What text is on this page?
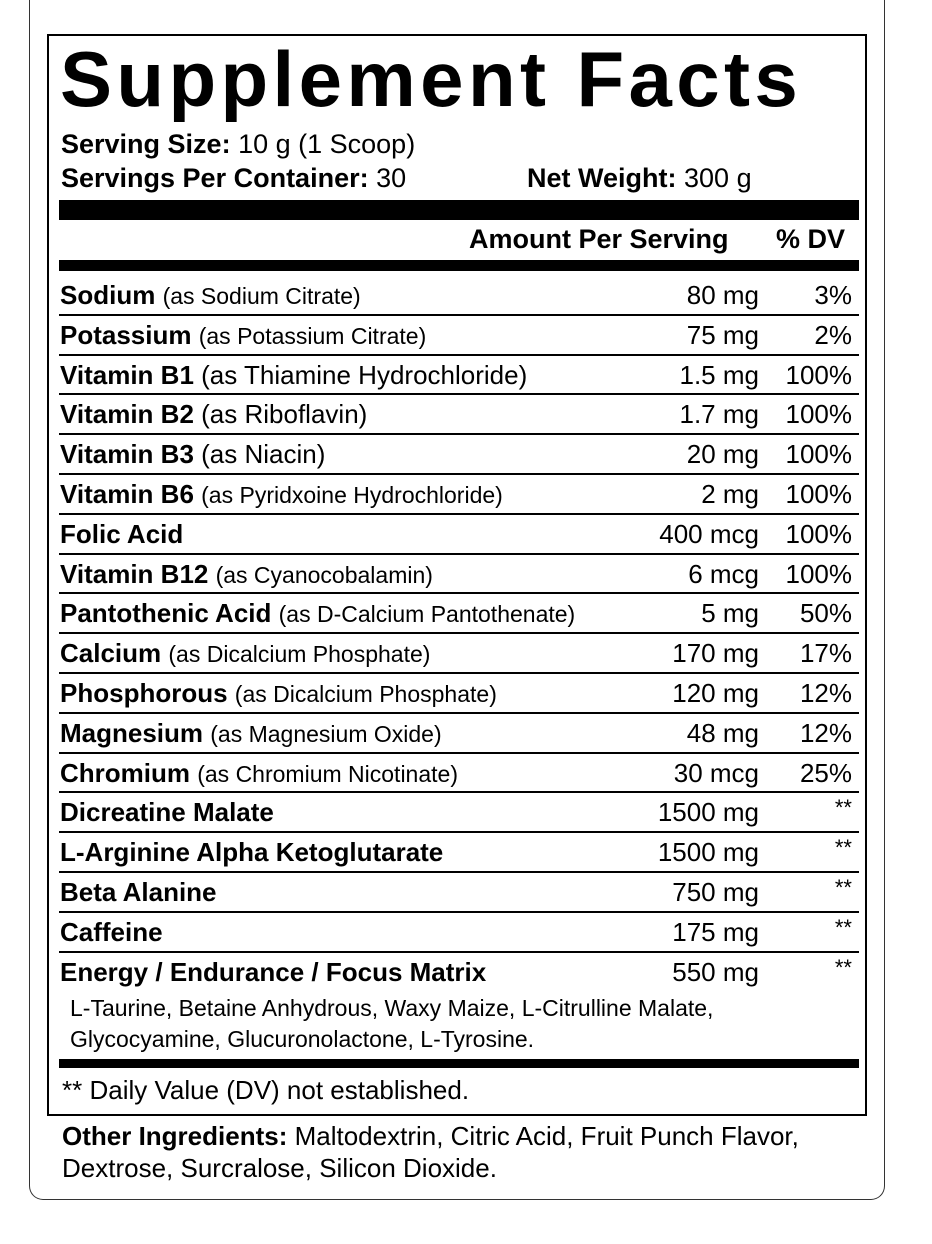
Supplement Facts
Serving Size: 10 g (1 Scoop)
Servings Per Container: 30	Net Weight: 300 g
Amount Per Serving % DV
Sodium (as Sodium Citrate)	80 mg 3%
Potassium (as Potassium Citrate)	75 mg 2%
Vitamin B1 (as Thiamine Hydrochloride)	1.5 mg 100%
Vitamin B2 (as Riboflavin)	1.7 mg 100%
Vitamin B3 (as Niacin)	20 mg 100%
Vitamin B6 (as Pyridxoine Hydrochloride)	2 mg 100%
Folic Acid	400 mcg 100%
Vitamin B12 (as Cyanocobalamin)	6 mcg 100%
Pantothenic Acid (as D-Calcium Pantothenate)	5 mg 50%
Calcium (as Dicalcium Phosphate)	170 mg 17%
Phosphorous (as Dicalcium Phosphate)	120 mg 12%
Magnesium (as Magnesium Oxide)	48 mg 12%
Chromium (as Chromium Nicotinate)	30 mcg 25%
Dicreatine Malate	1500 mg	**
L-Arginine Alpha Ketoglutarate	1500 mg	**
Beta Alanine	750 mg	**
Caffeine	175 mg	**
Energy / Endurance / Focus Matrix	550 mg	**
L-Taurine, Betaine Anhydrous, Waxy Maize, L-Citrulline Malate, Glycocyamine, Glucuronolactone, L-Tyrosine.
** Daily Value (DV) not established.
Other Ingredients: Maltodextrin, Citric Acid, Fruit Punch Flavor, Dextrose, Surcralose, Silicon Dioxide.
